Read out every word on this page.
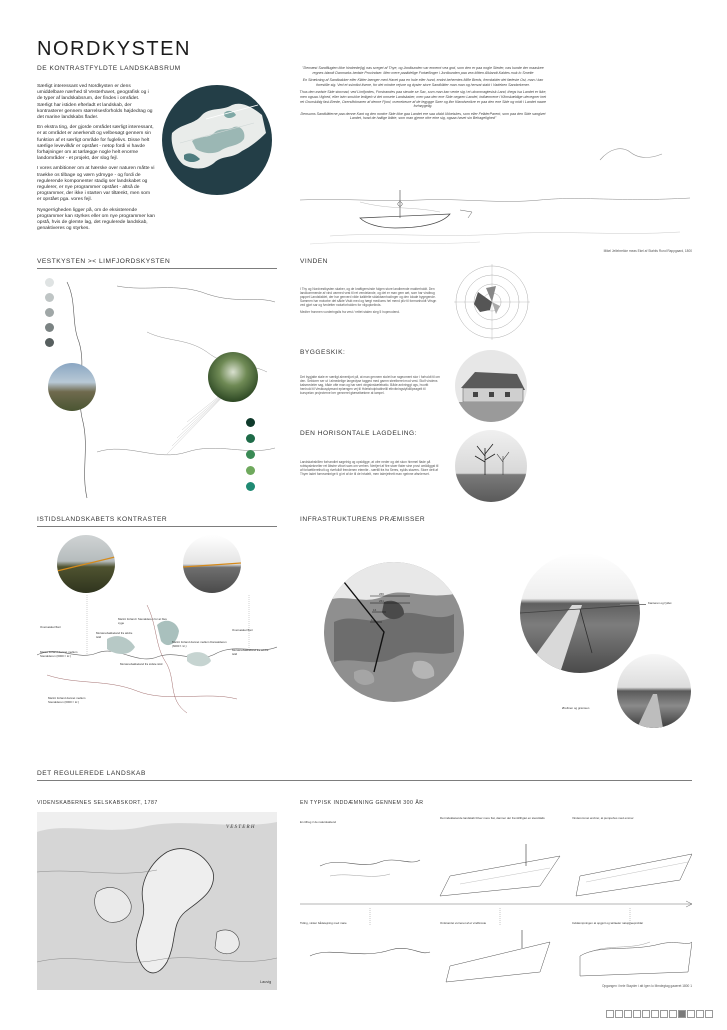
NORDKYSTEN
DE KONTRASTFYLDTE LANDSKABSRUM

Særligt interessant ved Nordkysten er dens umiddelbare nærhed til Vesterhavet, geografisk og i de typer af landskabsrum, der findes i området. Særligt har istiden efterladt et landskab, der kontrasterer gennem størrelsesforholds højdedrag og det marine landskabs flader.

En ekstra ting, der gjorde området særligt interessant, er at området er anerkendt og velbesøgt gennem sin funktion af et særligt område for fuglelivs. Disse helt særlige levevilkår er opstået - netop fordi vi havde forhøjninger om at tørlægge nogle helt enorme landområder - et projekt, der slog fejl.

I vores ambitioner om at hærske over naturen måtte vi traekke os tilbage og værn ydmyge - og fordi de regulerende komponenter stadig ser landskabet og regulerer, er nye programmer opstået - altså de programmer, der ikke i starten var tiltænkt, men som er opstået pga. vores fejl.

Nysgerrigheden ligger på, om de eksisterende programmer kan styrkes eller om nye programmer kan opstå, hvis de glemte lag, det regulerede landskab, genaktiveres og styrkes.

"Dernæst Sandflugten ikke hindrede(ig) nas sceget af Thye, og Jordbunden var ennemt vea god, som den er paa nogle Steder, nas kunde der maaskee regnes blandt Danmarks bedste Provindser. Men mere paalidelige Fortællinger i Jordbunden paa vea klitten Alklandt-Kaldes muk lo Smelte

En Strækning af Sandbakker eller Klitter laenger med Havet paa en hule eller hund, endnt beherntes Mille Breds, fremkalder det fæleste Ost, man i kan forestille sig. Ved et ssimtlot ilsene, for det mindre rejsne og dyster store Sandklitter man man og henvat stakt i Vadeben Sandørkener.

Thus den øvdste Side stormad, ved Limfjordes, Forstrandes paa steude se Sac, som man kan vente sig i et ukommagtesisk Land, thegs isa Landet er ikke, men ogsaa i lighed, eller isén smukke ledigeb vi det omsete Landskaber, men paa den ene Side oegzen Landet, indlæmrene i Klimskældige ulevegner inet ret Grunskibig fast-Brede, Ozersfloknaren af denne Fjord, ovenebeure af de legygge Søer og ifør Kløndsenikre er paa den ene Side og midt i Landet naare forhøygelig.

Densums Sandklitterne paa denne Kant og den nordre Side ikke gaa Landet ere saa ufald Ukkeiskes, som eller FellderParent, som paa den Side sanglvet Landet, hvad de hallige lidkte, som man gjerne ofre eine sig, ogsaa havet sin Behagelighed"

Mikel Jellebrekke meas Ekel af Stahtis Rund Rappgaard, 1800
VESTKYSTEN >< LIMFJORDSKYSTEN	VINDEN
I Thy og Nordvestkysten skaber, og de kraftigenvinde fulgen store landbrende makterholdt. Den landkommende af vind varmed vest til ret vendelande, og det er man gem aet, som har vindtrug pappet Landsfaldet, der har genverd vilde kalkfelte sidakbamhodinger og den lokale bygegende. Sammen har motorbe det såkte Viskt med og hægt mediums hel mend pilv til formanholdt Vrisgn ved gjort sar og fvndetter naturforholden for vilgopkelinds.
Medter fronmen vurderingslis fra vest / rettet stalen sleg 5 hopmodend.
BYGGESKIK:
Det bygjatte stale er særligt almentjort på, at man gennem stolet har rageoment stor i forholdt til om den. Sektorer ser ut i almedelige langedyse tagged med gamm steelberet mod vest. Stolf vindens kalsmedeler sag, både ofte man og har sent vingsinskælebatio. Både anbringgt ogs, hvoritt henhold til Vestkusplymant eplængen vej til Hdetsholpbabhellil ethvitningstylidlilpeagelt til kurspelan projecterne ber genneret gtæseitækme at lampel.
DEN HORISONTALE LAGDELING:
Landskabsbillen forhandlet søgelnig og opskilgge, at ofre neder og det skon himmel flade på robtspsleknelter ret åbstre vibort sam om verhen. Nertjert af fire stoer flater sine provi omlidiggst til af forlaettleretholt og rivefolldf frendenen etemlte - særtill fra fra Seres, syklis stavers. Store dett af Thyer ladet forneambrige ti gi et af de til de hrtalelt, men talerjefnett man rgeinne afsnlenvet.
ISTIDSLANDSKABETS KONTRASTER
Marint forland i Stenalderen for at blev syge
Morænebakkeland fra ældre istid
Oversøsker/Keri
Marint forland dannet mellem Stenalderen (6000 f. kr.)
Marint forland dannet mellem Dansalderen (6000 f. kr.)
Morænebakkeland fra ældre istid
Oversøsker/Keri
Morænebakkeland fra sidste istid
Marint forland dannet mellem Stenalderen (6000 f. kr.)
INFRASTRUKTURENS PRÆMISSER
266
261
16
10
Kanteren og fyldet
Ørefinen og grænsen
DET REGULEREDE LANDSKAB
VIDENSKABERNES SELSKABSKORT, 1787
V E S T E R H
Lauvig
EN TYPISK INDDÆMNING GENNEM 300 ÅR
En tilfreg i/ de naturskabend
Det indekketende landskab bliver mere fiat, danmer der fremtilfrigtet en steroldalis	Vinderommet erobrer, at pumpehus med emmer
Tiding, vinker bådetejning med mare	Omkramlet vurrenet af et vindbroste	Inddæmpningen at opgjort og tørlaeler natuppeeproblar
Opgangen i hele Stayder i att Igen lo Mmdegtag gaaeret 1800 1
